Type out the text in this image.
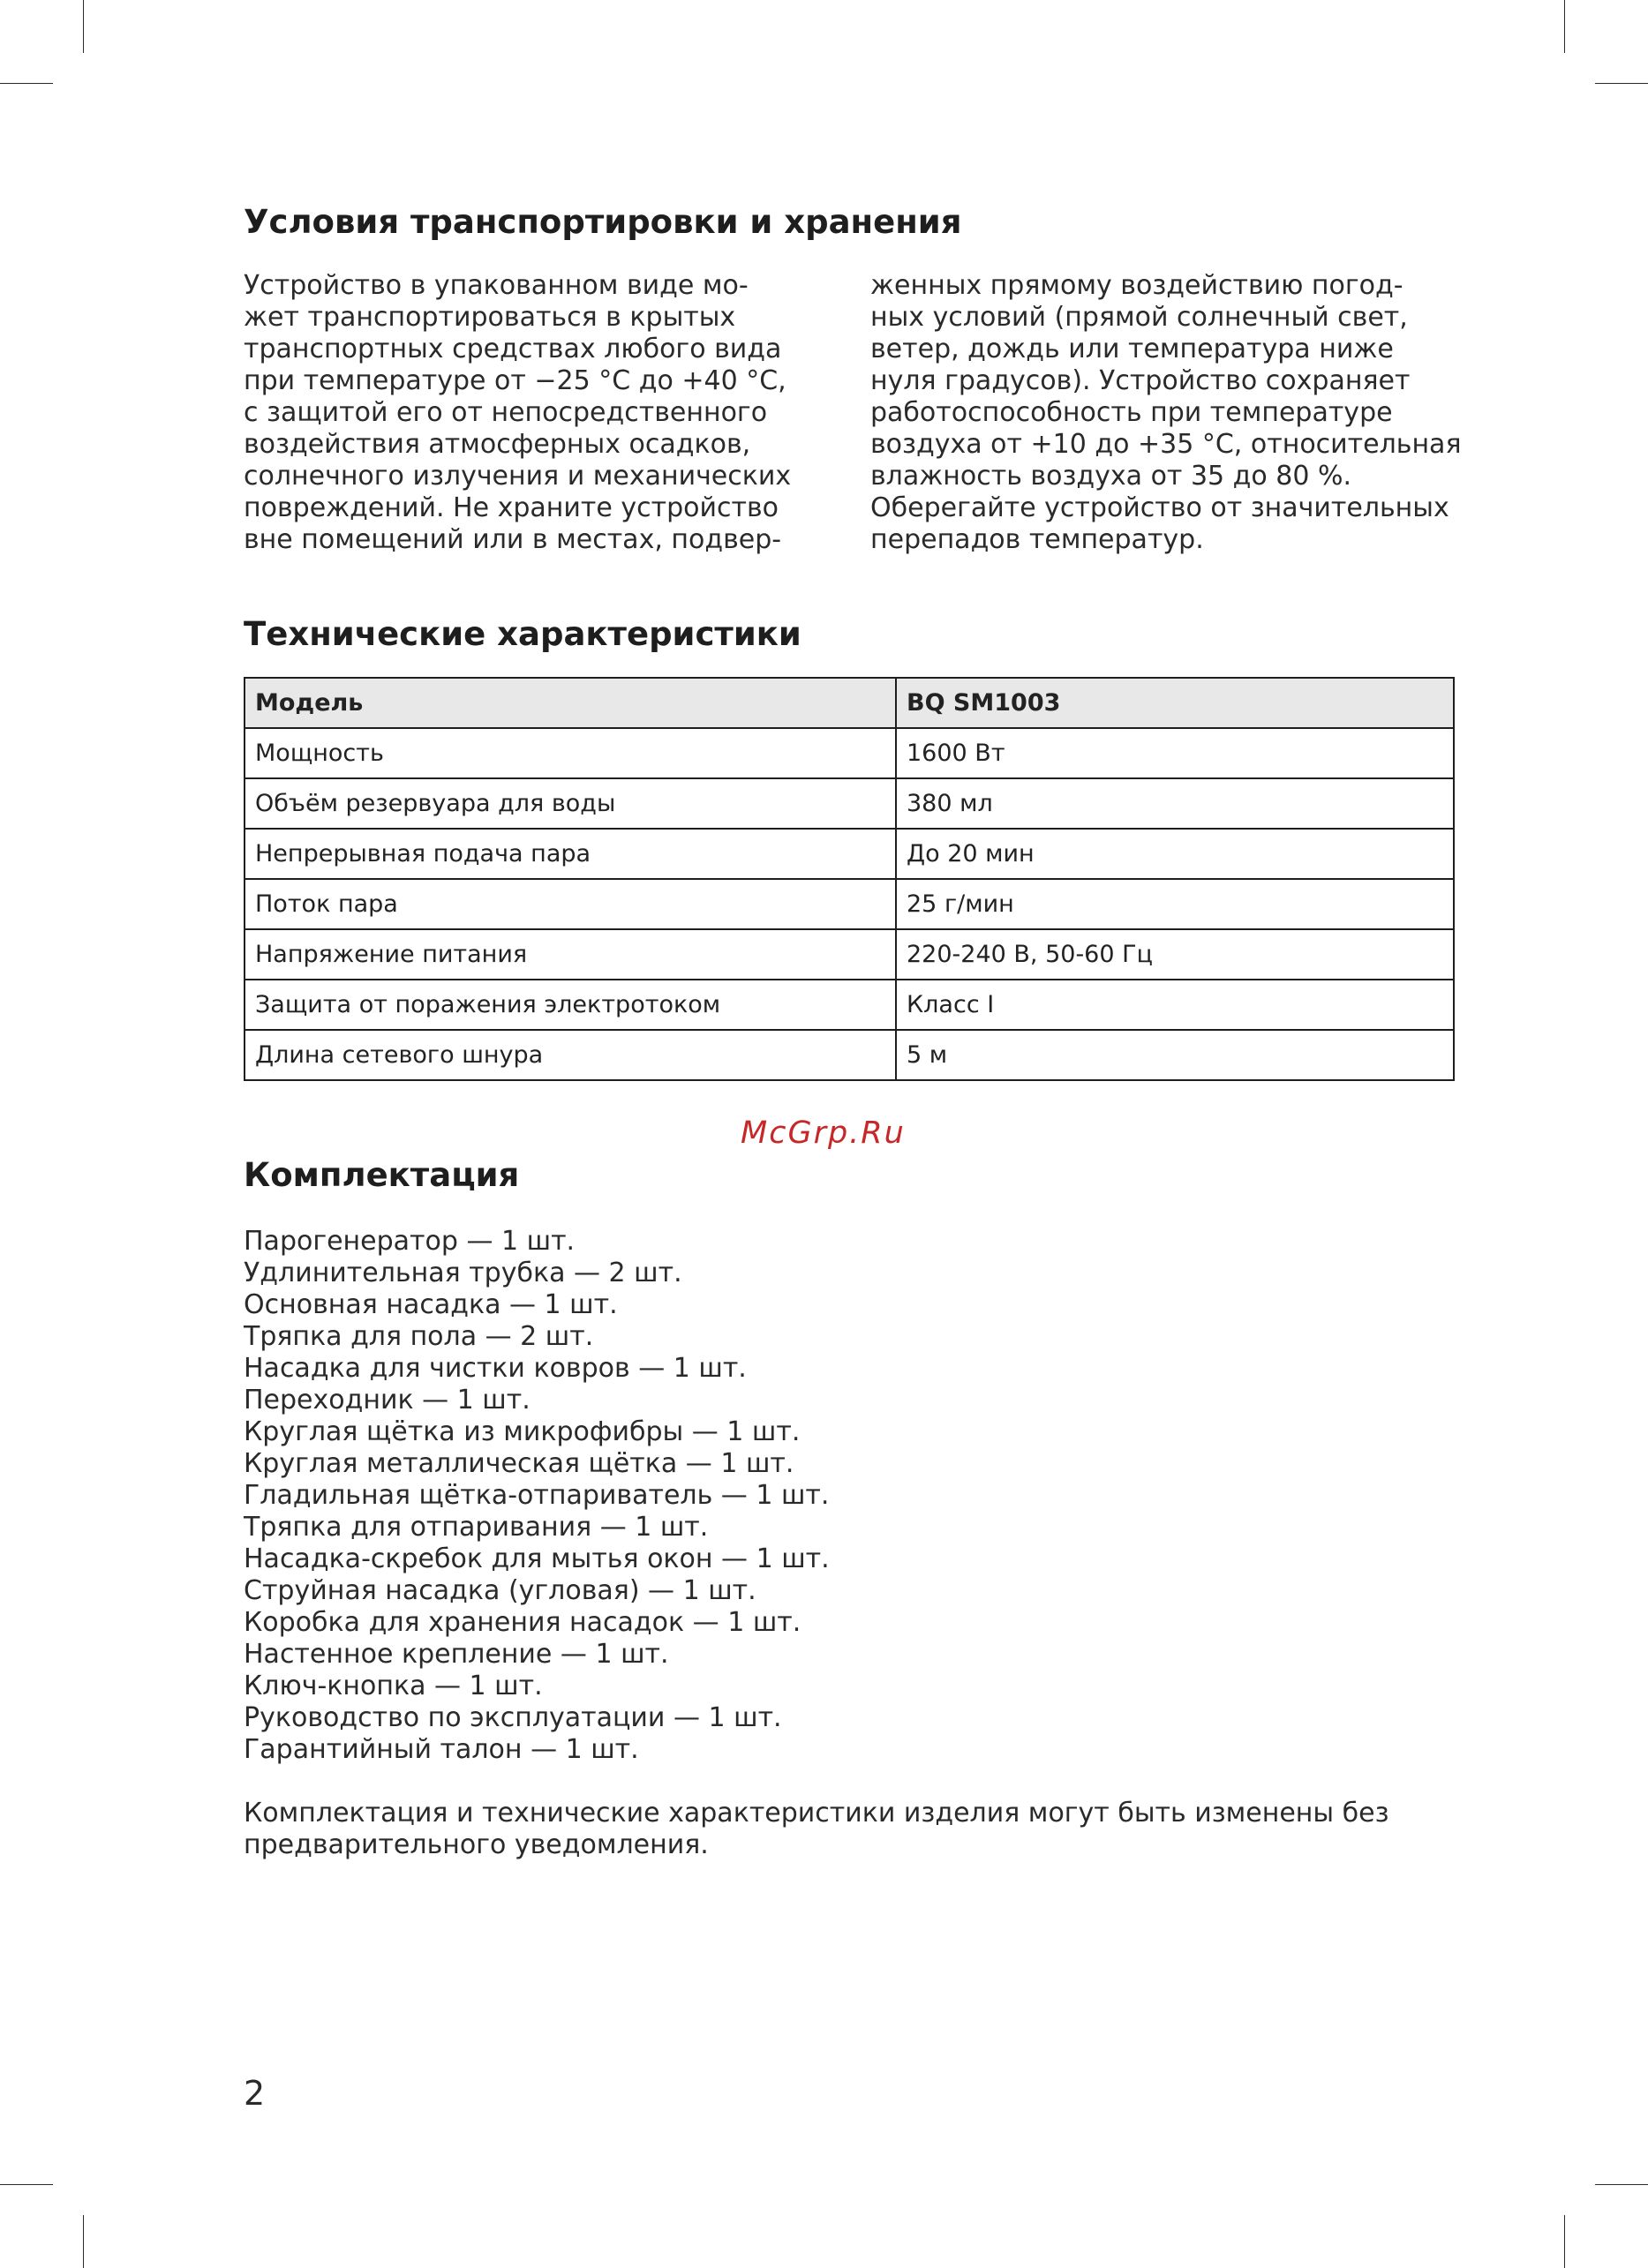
Условия транспортировки и хранения
Устройство в упакованном виде мо-
жет транспортироваться в крытых
транспортных средствах любого вида
при температуре от −25 °C до +40 °C,
с защитой его от непосредственного
воздействия атмосферных осадков,
солнечного излучения и механических
повреждений. Не храните устройство
вне помещений или в местах, подвер-
женных прямому воздействию погод-
ных условий (прямой солнечный свет,
ветер, дождь или температура ниже
нуля градусов). Устройство сохраняет
работоспособность при температуре
воздуха от +10 до +35 °C, относительная
влажность воздуха от 35 до 80 %.
Оберегайте устройство от значительных
перепадов температур.
Технические характеристики
Модель	BQ SM1003
Мощность	1600 Вт
Объём резервуара для воды	380 мл
Непрерывная подача пара	До 20 мин
Поток пара	25 г/мин
Напряжение питания	220-240 В, 50-60 Гц
Защита от поражения электротоком	Класс I
Длина сетевого шнура	5 м
McGrp.Ru
Комплектация
Парогенератор — 1 шт.
Удлинительная трубка — 2 шт.
Основная насадка — 1 шт.
Тряпка для пола — 2 шт.
Насадка для чистки ковров — 1 шт.
Переходник — 1 шт.
Круглая щётка из микрофибры — 1 шт.
Круглая металлическая щётка — 1 шт.
Гладильная щётка-отпариватель — 1 шт.
Тряпка для отпаривания — 1 шт.
Насадка-скребок для мытья окон — 1 шт.
Струйная насадка (угловая) — 1 шт.
Коробка для хранения насадок — 1 шт.
Настенное крепление — 1 шт.
Ключ-кнопка — 1 шт.
Руководство по эксплуатации — 1 шт.
Гарантийный талон — 1 шт.
Комплектация и технические характеристики изделия могут быть изменены без
предварительного уведомления.
2
